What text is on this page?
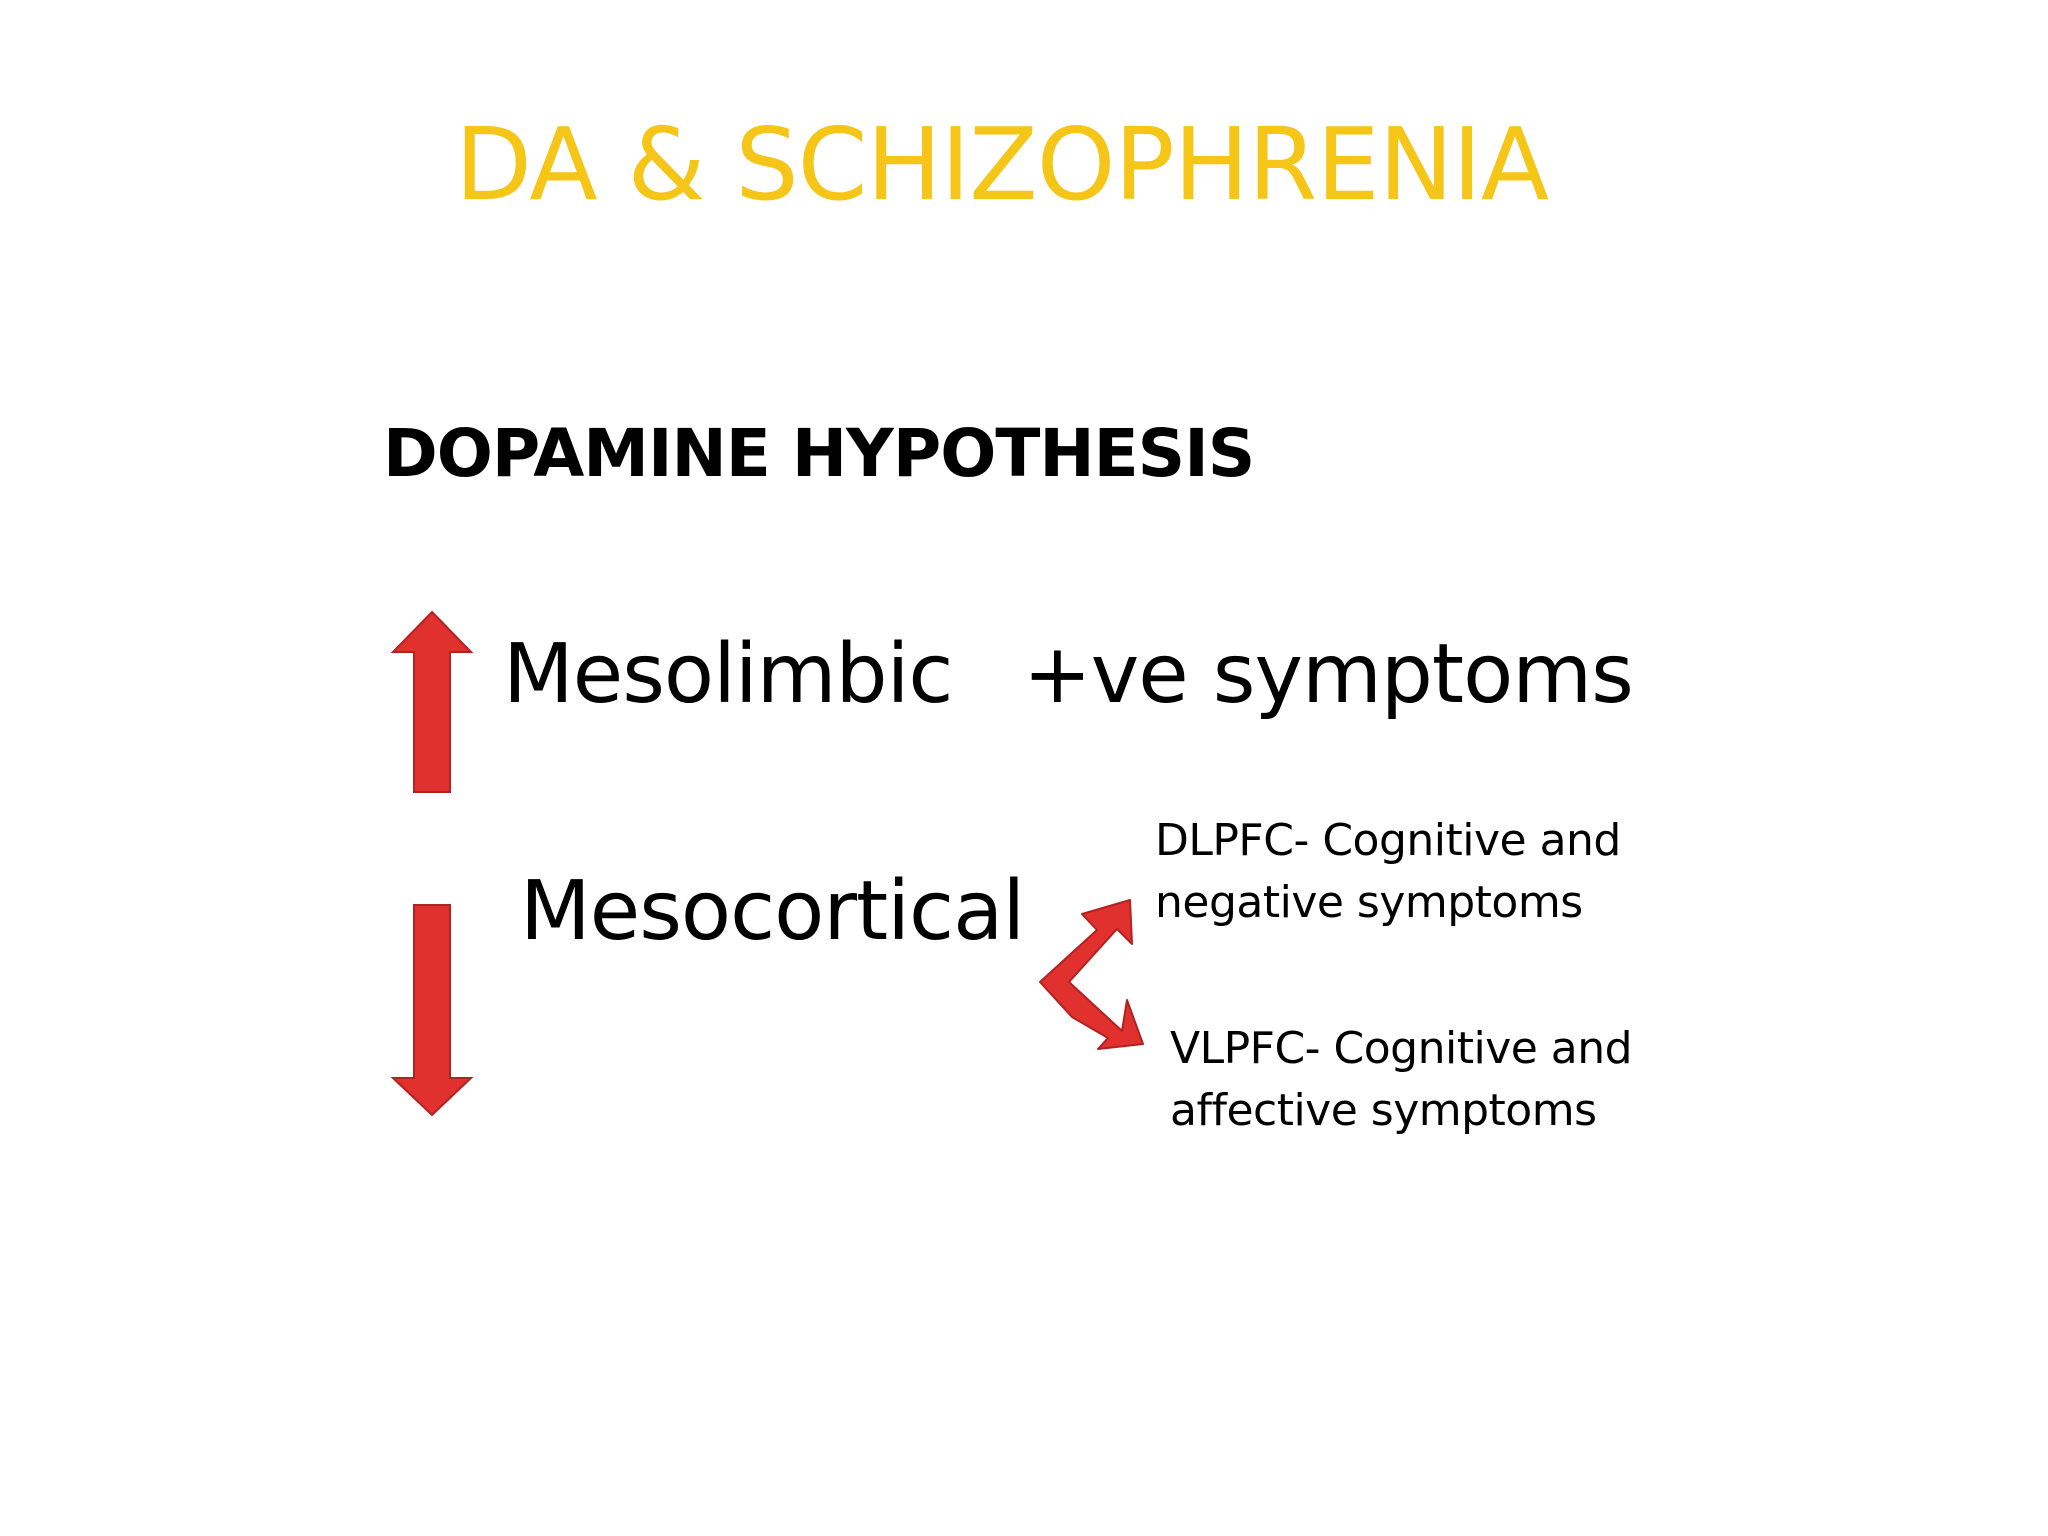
DA & SCHIZOPHRENIA
DOPAMINE HYPOTHESIS
Mesolimbic +ve symptoms
Mesocortical
DLPFC- Cognitive and
negative symptoms
VLPFC- Cognitive and
affective symptoms
